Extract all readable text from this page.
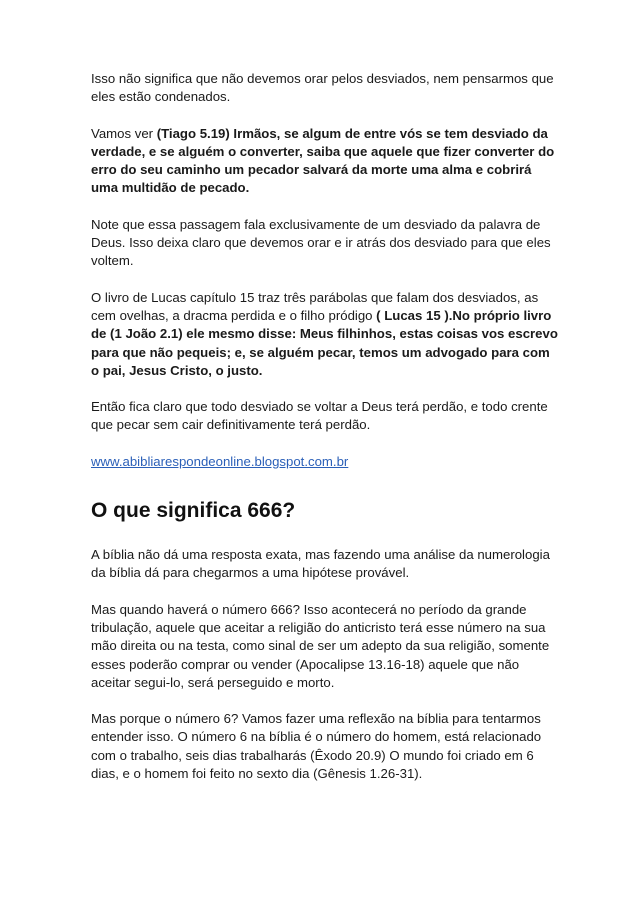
Isso não significa que não devemos orar pelos desviados, nem pensarmos que eles estão condenados.

Vamos ver (Tiago 5.19) Irmãos, se algum de entre vós se tem desviado da verdade, e se alguém o converter, saiba que aquele que fizer converter do erro do seu caminho um pecador salvará da morte uma alma e cobrirá uma multidão de pecado.

Note que essa passagem fala exclusivamente de um desviado da palavra de Deus. Isso deixa claro que devemos orar e ir atrás dos desviado para que eles voltem.

O livro de Lucas capítulo 15 traz três parábolas que falam dos desviados, as cem ovelhas, a dracma perdida e o filho pródigo ( Lucas 15 ).No próprio livro de (1 João 2.1) ele mesmo disse: Meus filhinhos, estas coisas vos escrevo para que não pequeis; e, se alguém pecar, temos um advogado para com o pai, Jesus Cristo, o justo.

Então fica claro que todo desviado se voltar a Deus terá perdão, e todo crente que pecar sem cair definitivamente terá perdão.

www.abibliarespondeonline.blogspot.com.br

O que significa 666?

A bíblia não dá uma resposta exata, mas fazendo uma análise da numerologia da bíblia dá para chegarmos a uma hipótese provável.

Mas quando haverá o número 666? Isso acontecerá no período da grande tribulação, aquele que aceitar a religião do anticristo terá esse número na sua mão direita ou na testa, como sinal de ser um adepto da sua religião, somente esses poderão comprar ou vender (Apocalipse 13.16-18) aquele que não aceitar segui-lo, será perseguido e morto.

Mas porque o número 6? Vamos fazer uma reflexão na bíblia para tentarmos entender isso. O número 6 na bíblia é o número do homem, está relacionado com o trabalho, seis dias trabalharás (Êxodo 20.9) O mundo foi criado em 6 dias, e o homem foi feito no sexto dia (Gênesis 1.26-31).
